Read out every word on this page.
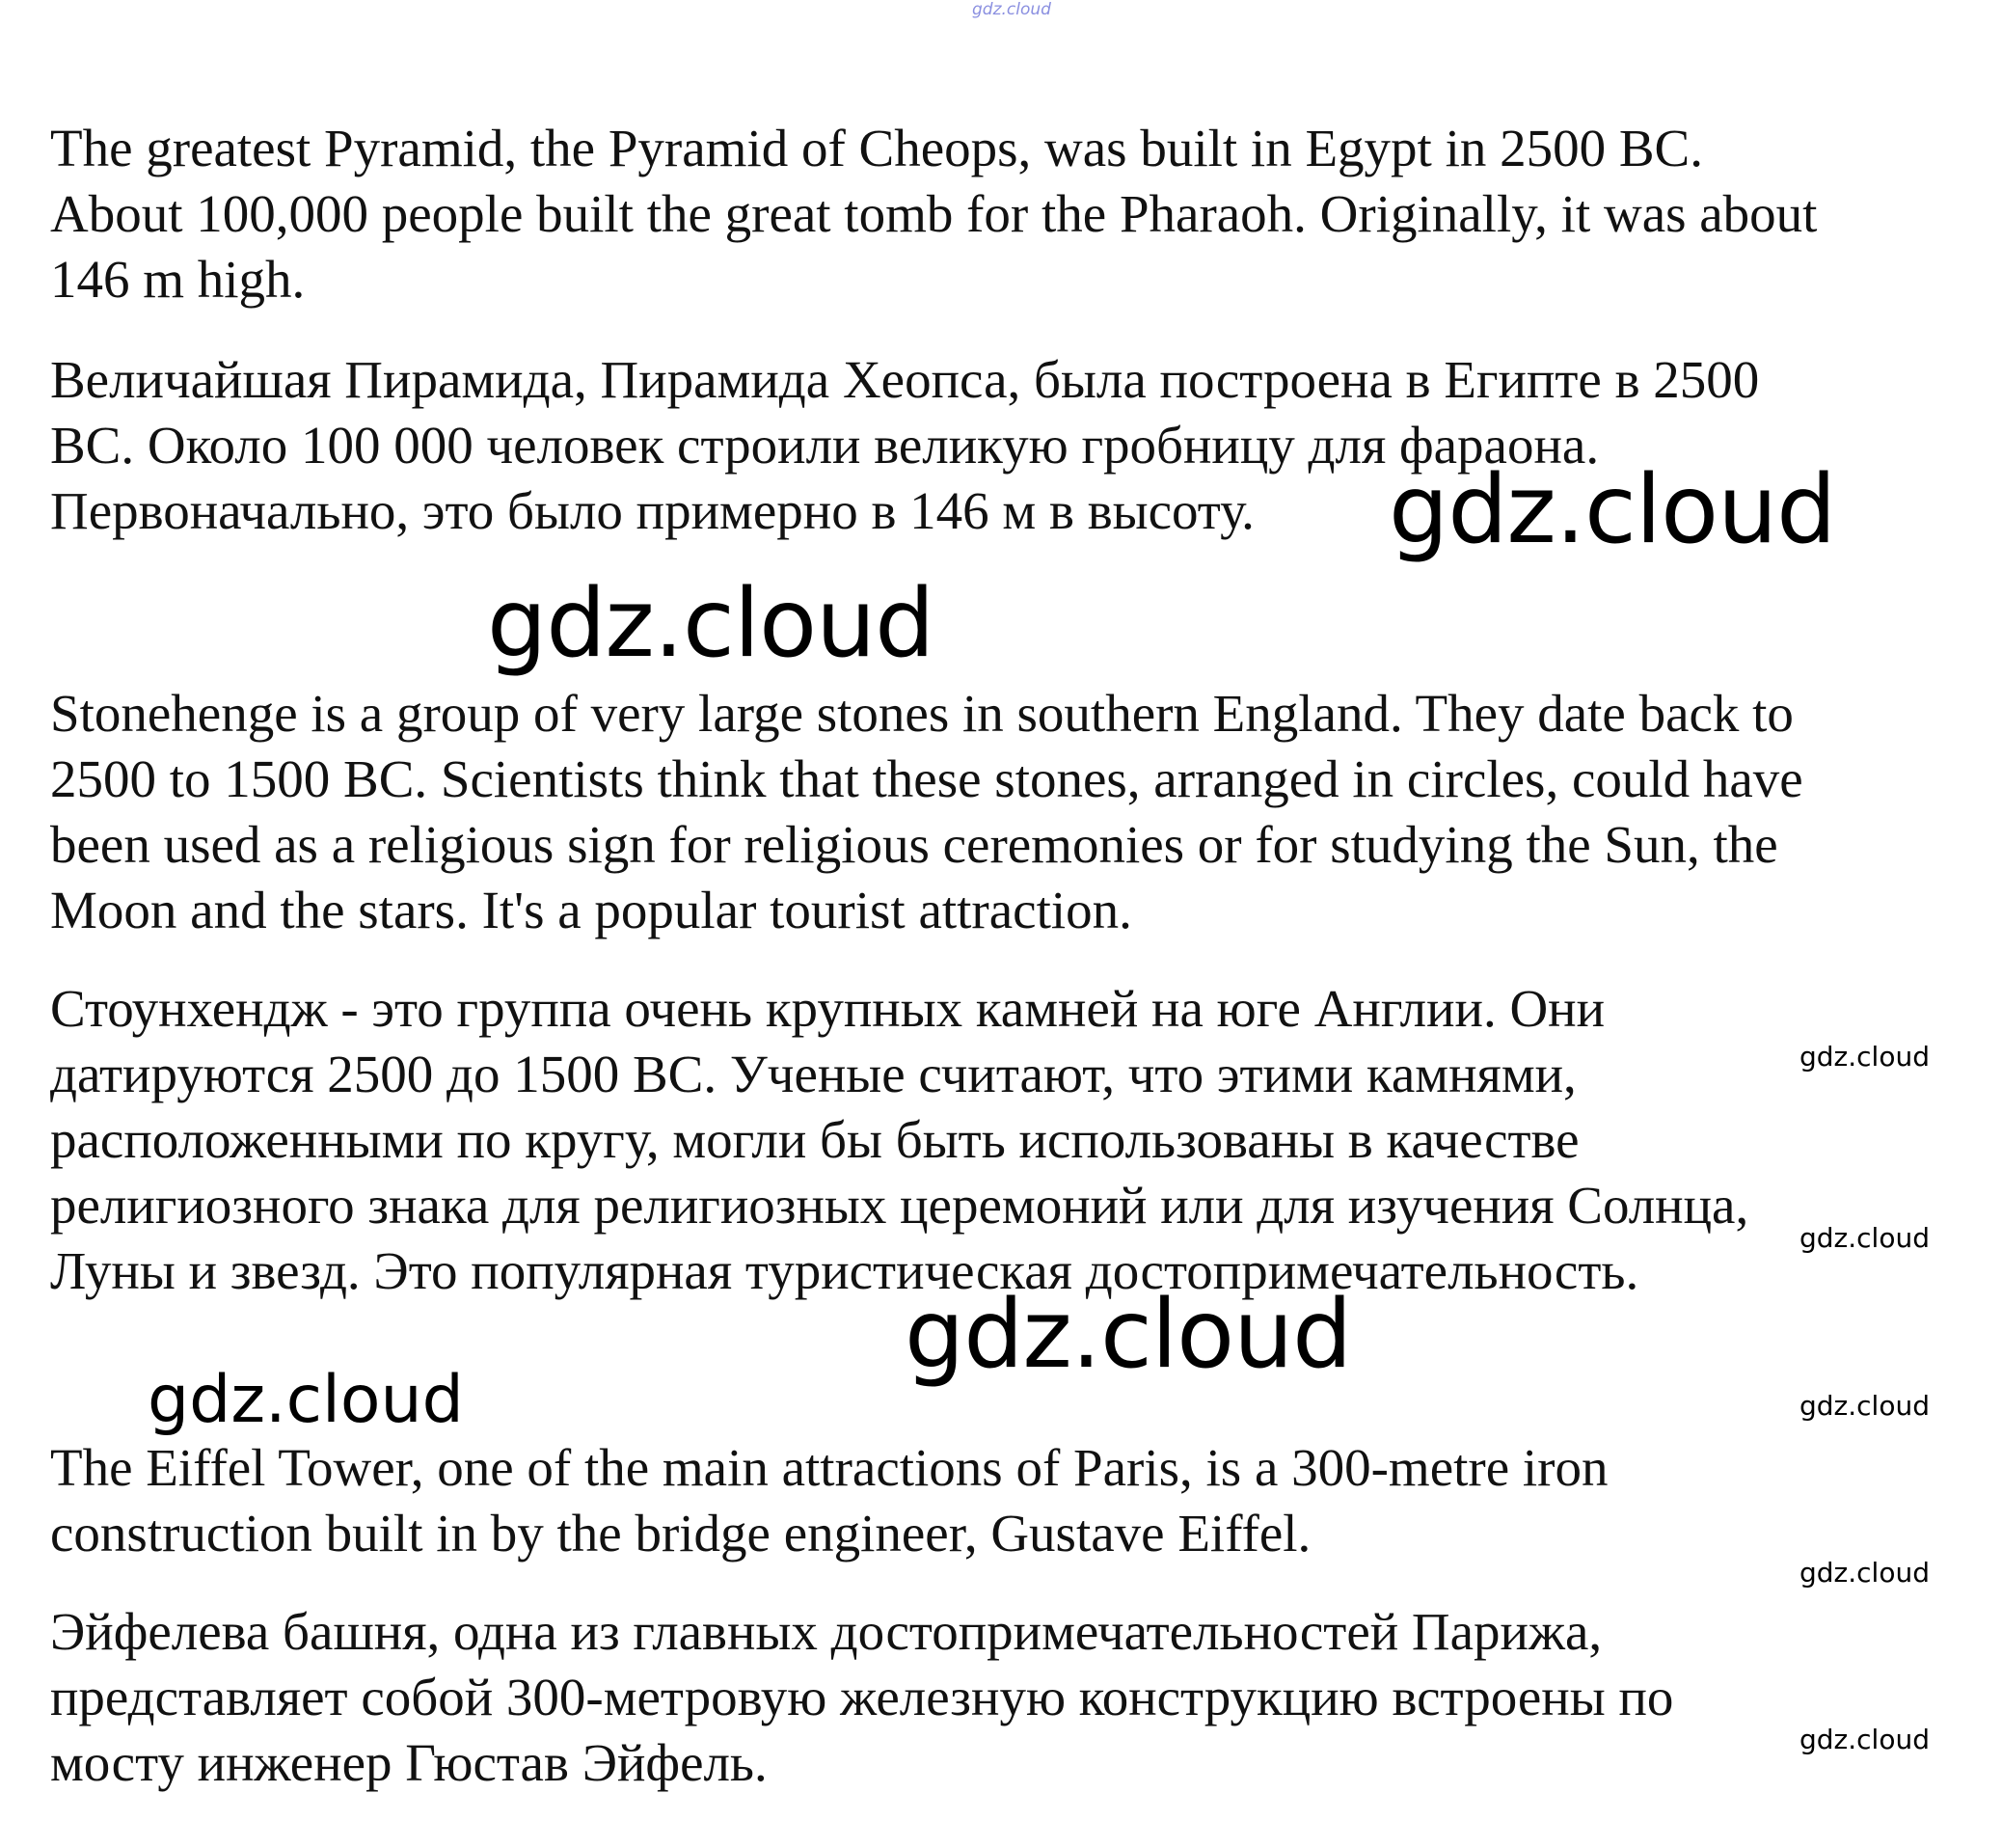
gdz.cloud
The greatest Pyramid, the Pyramid of Cheops, was built in Egypt in 2500 BC.
About 100,000 people built the great tomb for the Pharaoh. Originally, it was about
146 m high.
Величайшая Пирамида, Пирамида Хеопса, была построена в Египте в 2500
BC. Около 100 000 человек строили великую гробницу для фараона.
Первоначально, это было примерно в 146 м в высоту.	gdz.cloud
gdz.cloud
Stonehenge is a group of very large stones in southern England. They date back to
2500 to 1500 BC. Scientists think that these stones, arranged in circles, could have
been used as a religious sign for religious ceremonies or for studying the Sun, the
Moon and the stars. It's a popular tourist attraction.
Стоунхендж - это группа очень крупных камней на юге Англии. Они
датируются 2500 до 1500 BC. Ученые считают, что этими камнями,
расположенными по кругу, могли бы быть использованы в качестве
религиозного знака для религиозных церемоний или для изучения Солнца,
Луны и звезд. Это популярная туристическая достопримечательность.
gdz.cloud
gdz.cloud
gdz.cloud
gdz.cloud	gdz.cloud
The Eiffel Tower, one of the main attractions of Paris, is a 300-metre iron
construction built in by the bridge engineer, Gustave Eiffel.
gdz.cloud
Эйфелева башня, одна из главных достопримечательностей Парижа,
представляет собой 300-метровую железную конструкцию встроены по
мосту инженер Гюстав Эйфель.	gdz.cloud
